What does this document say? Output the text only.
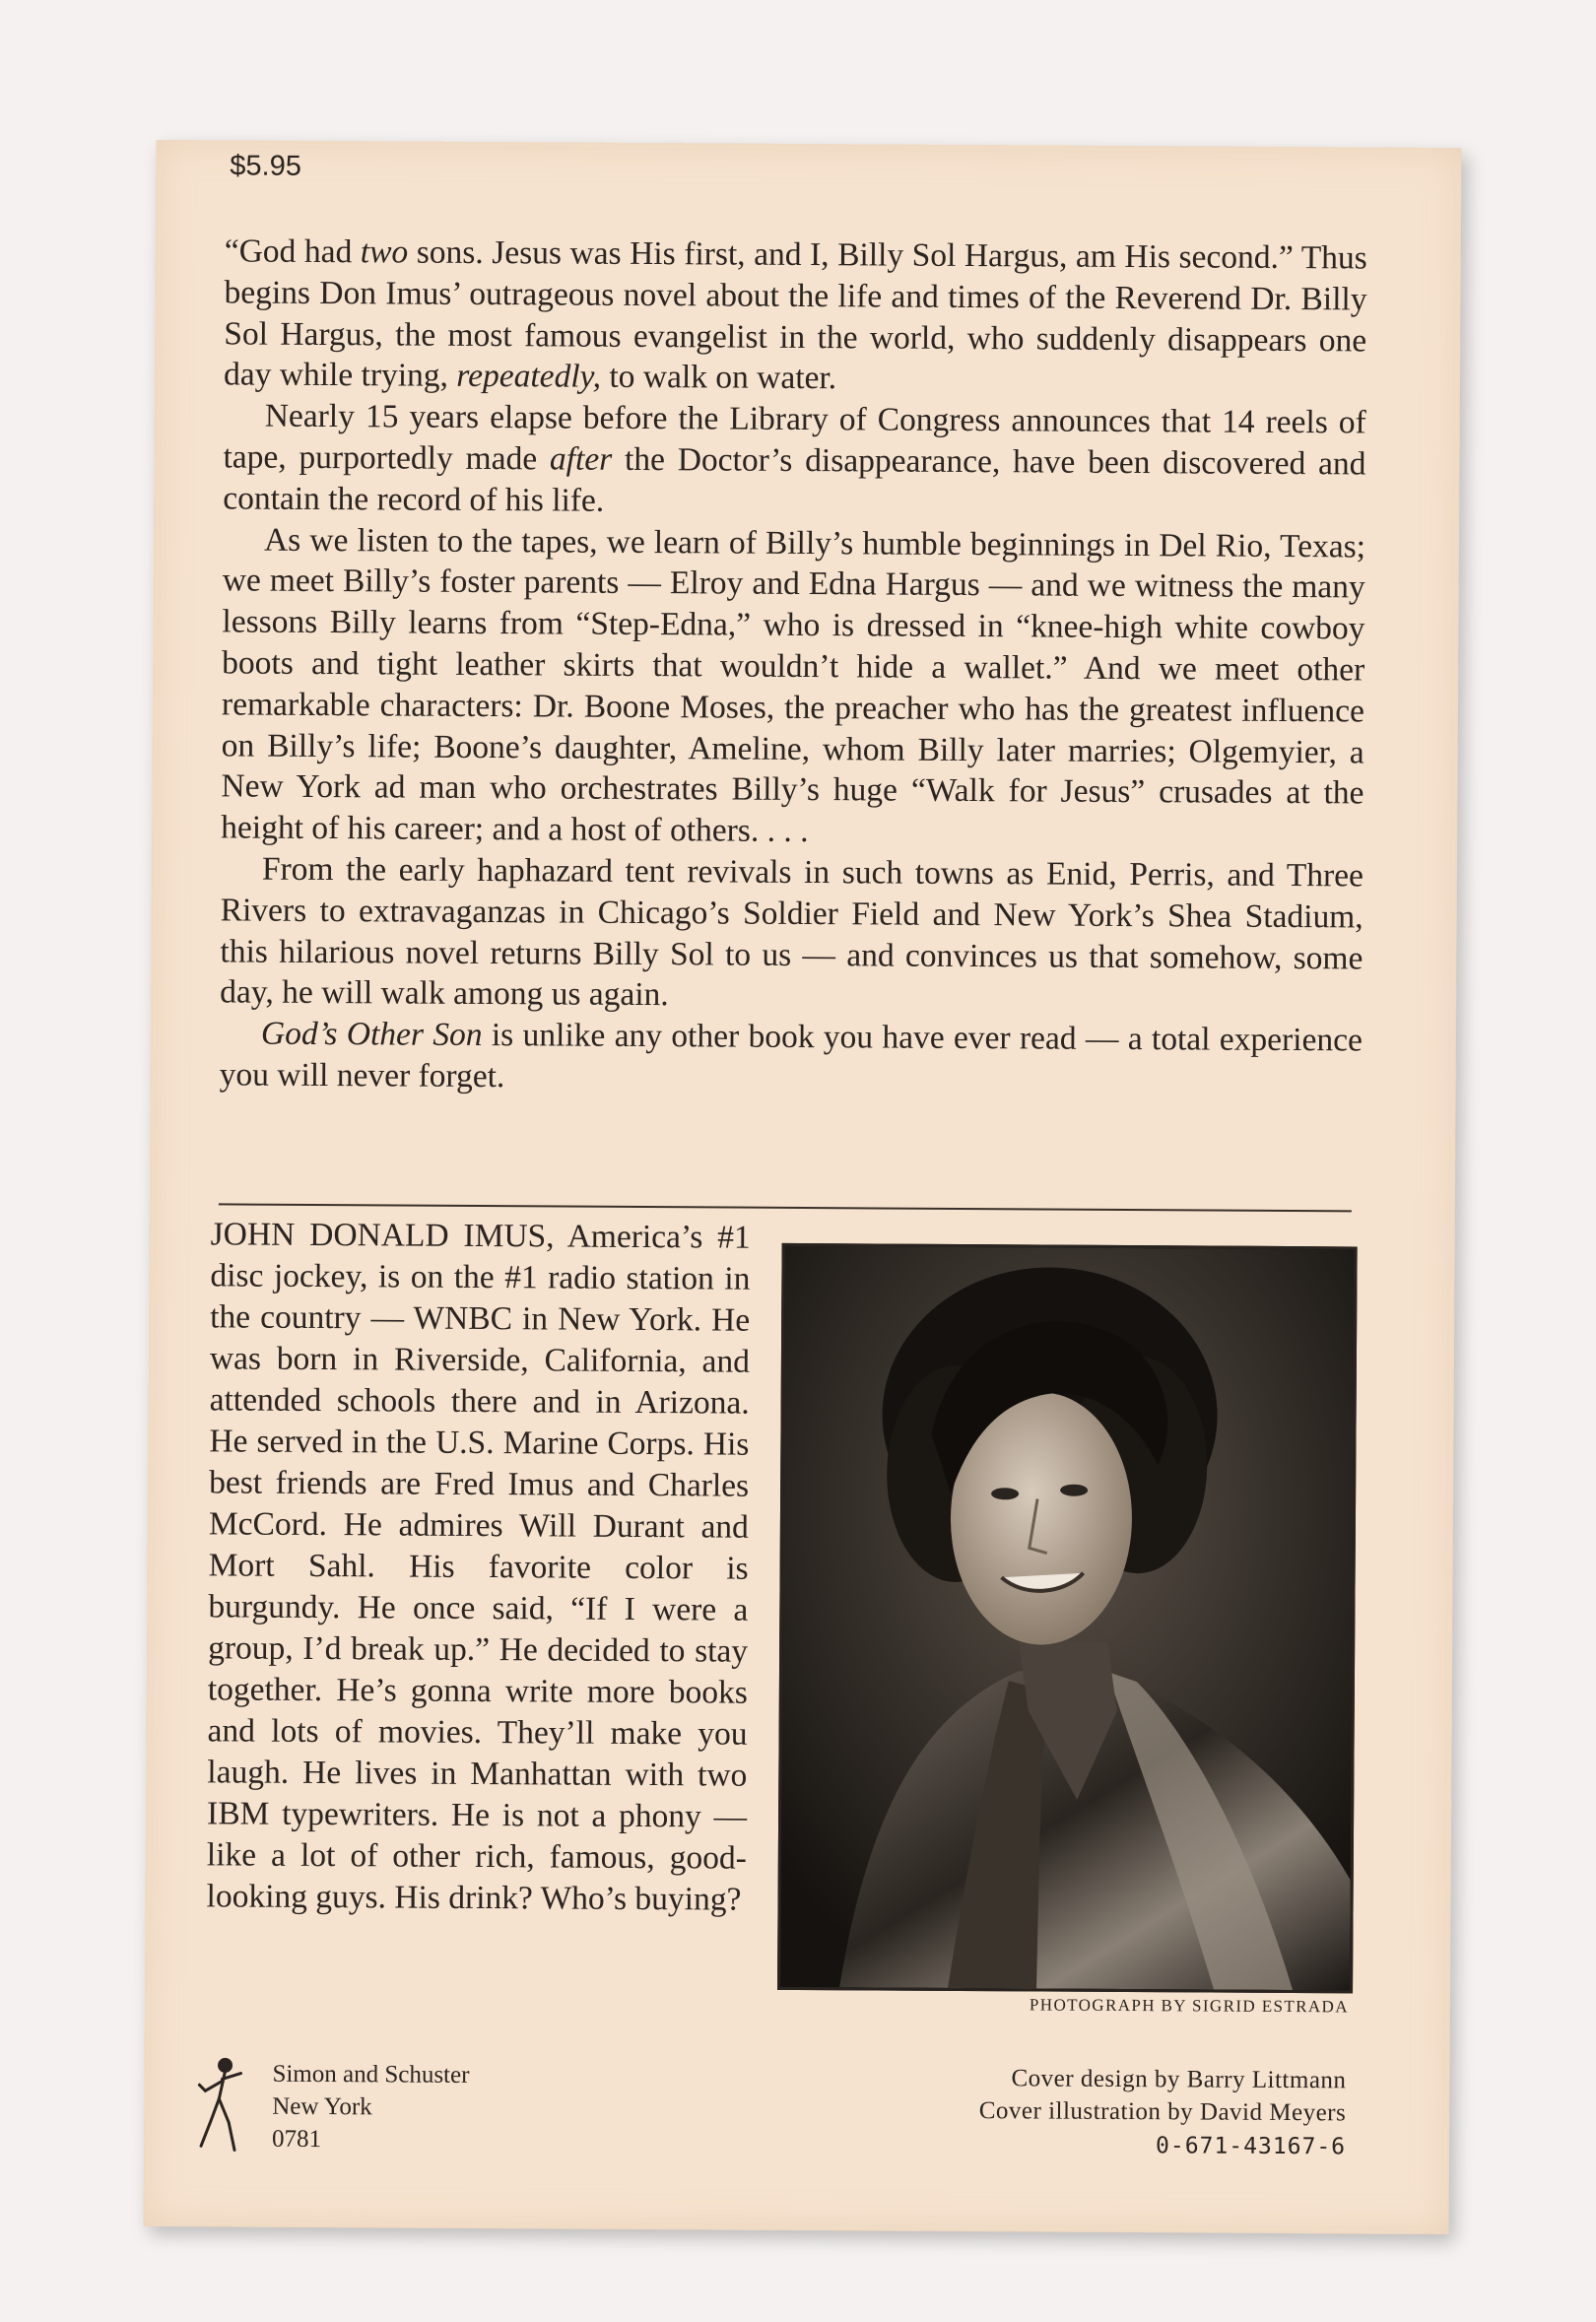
$5.95

“God had two sons. Jesus was His first, and I, Billy Sol Hargus, am His second.” Thus begins Don Imus’ outrageous novel about the life and times of the Reverend Dr. Billy Sol Hargus, the most famous evangelist in the world, who suddenly disappears one day while trying, repeatedly, to walk on water.

Nearly 15 years elapse before the Library of Congress announces that 14 reels of tape, purportedly made after the Doctor’s disappearance, have been discovered and contain the record of his life.

As we listen to the tapes, we learn of Billy’s humble beginnings in Del Rio, Texas; we meet Billy’s foster parents — Elroy and Edna Hargus — and we witness the many lessons Billy learns from “Step-Edna,” who is dressed in “knee-high white cowboy boots and tight leather skirts that wouldn’t hide a wallet.” And we meet other remarkable characters: Dr. Boone Moses, the preacher who has the greatest influence on Billy’s life; Boone’s daughter, Ameline, whom Billy later marries; Olgemyier, a New York ad man who orchestrates Billy’s huge “Walk for Jesus” crusades at the height of his career; and a host of others. . . .

From the early haphazard tent revivals in such towns as Enid, Perris, and Three Rivers to extravaganzas in Chicago’s Soldier Field and New York’s Shea Stadium, this hilarious novel returns Billy Sol to us — and convinces us that somehow, some day, he will walk among us again.

God’s Other Son is unlike any other book you have ever read — a total experience you will never forget.

JOHN DONALD IMUS, America’s #1 disc jockey, is on the #1 radio station in the country — WNBC in New York. He was born in Riverside, California, and attended schools there and in Arizona. He served in the U.S. Marine Corps. His best friends are Fred Imus and Charles McCord. He admires Will Durant and Mort Sahl. His favorite color is burgundy. He once said, “If I were a group, I’d break up.” He decided to stay together. He’s gonna write more books and lots of movies. They’ll make you laugh. He lives in Manhattan with two IBM typewriters. He is not a phony — like a lot of other rich, famous, good-looking guys. His drink? Who’s buying?
PHOTOGRAPH BY SIGRID ESTRADA
Simon and Schuster
New York
0781
Cover design by Barry Littmann
Cover illustration by David Meyers
0-671-43167-6
